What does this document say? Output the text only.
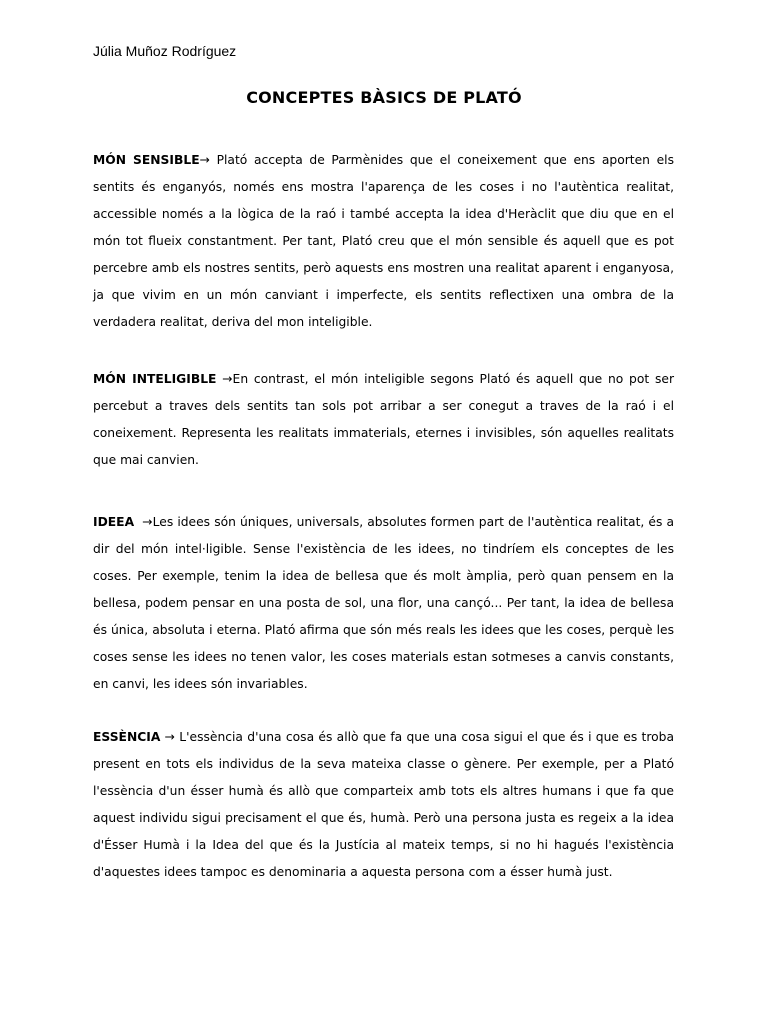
Júlia Muñoz Rodríguez
CONCEPTES BÀSICS DE PLATÓ

MÓN SENSIBLE→ Plató accepta de Parmènides que el coneixement que ens aporten els sentits és enganyós, només ens mostra l'aparença de les coses i no l'autèntica realitat, accessible només a la lògica de la raó i també accepta la idea d'Heràclit que diu que en el món tot flueix constantment. Per tant, Plató creu que el món sensible és aquell que es pot percebre amb els nostres sentits, però aquests ens mostren una realitat aparent i enganyosa, ja que vivim en un món canviant i imperfecte, els sentits reflectixen una ombra de la verdadera realitat, deriva del mon inteligible.

MÓN INTELIGIBLE →En contrast, el món inteligible segons Plató és aquell que no pot ser percebut a traves dels sentits tan sols pot arribar a ser conegut a traves de la raó i el coneixement. Representa les realitats immaterials, eternes i invisibles, són aquelles realitats que mai canvien.

IDEEA  →Les idees són úniques, universals, absolutes formen part de l'autèntica realitat, és a dir del món intel·ligible. Sense l'existència de les idees, no tindríem els conceptes de les coses. Per exemple, tenim la idea de bellesa que és molt àmplia, però quan pensem en la bellesa, podem pensar en una posta de sol, una flor, una cançó... Per tant, la idea de bellesa és única, absoluta i eterna. Plató afirma que són més reals les idees que les coses, perquè les coses sense les idees no tenen valor, les coses materials estan sotmeses a canvis constants, en canvi, les idees són invariables.

ESSÈNCIA → L'essència d'una cosa és allò que fa que una cosa sigui el que és i que es troba present en tots els individus de la seva mateixa classe o gènere. Per exemple, per a Plató l'essència d'un ésser humà és allò que comparteix amb tots els altres humans i que fa que aquest individu sigui precisament el que és, humà. Però una persona justa es regeix a la idea d'Ésser Humà i la Idea del que és la Justícia al mateix temps, si no hi hagués l'existència d'aquestes idees tampoc es denominaria a aquesta persona com a ésser humà just.
